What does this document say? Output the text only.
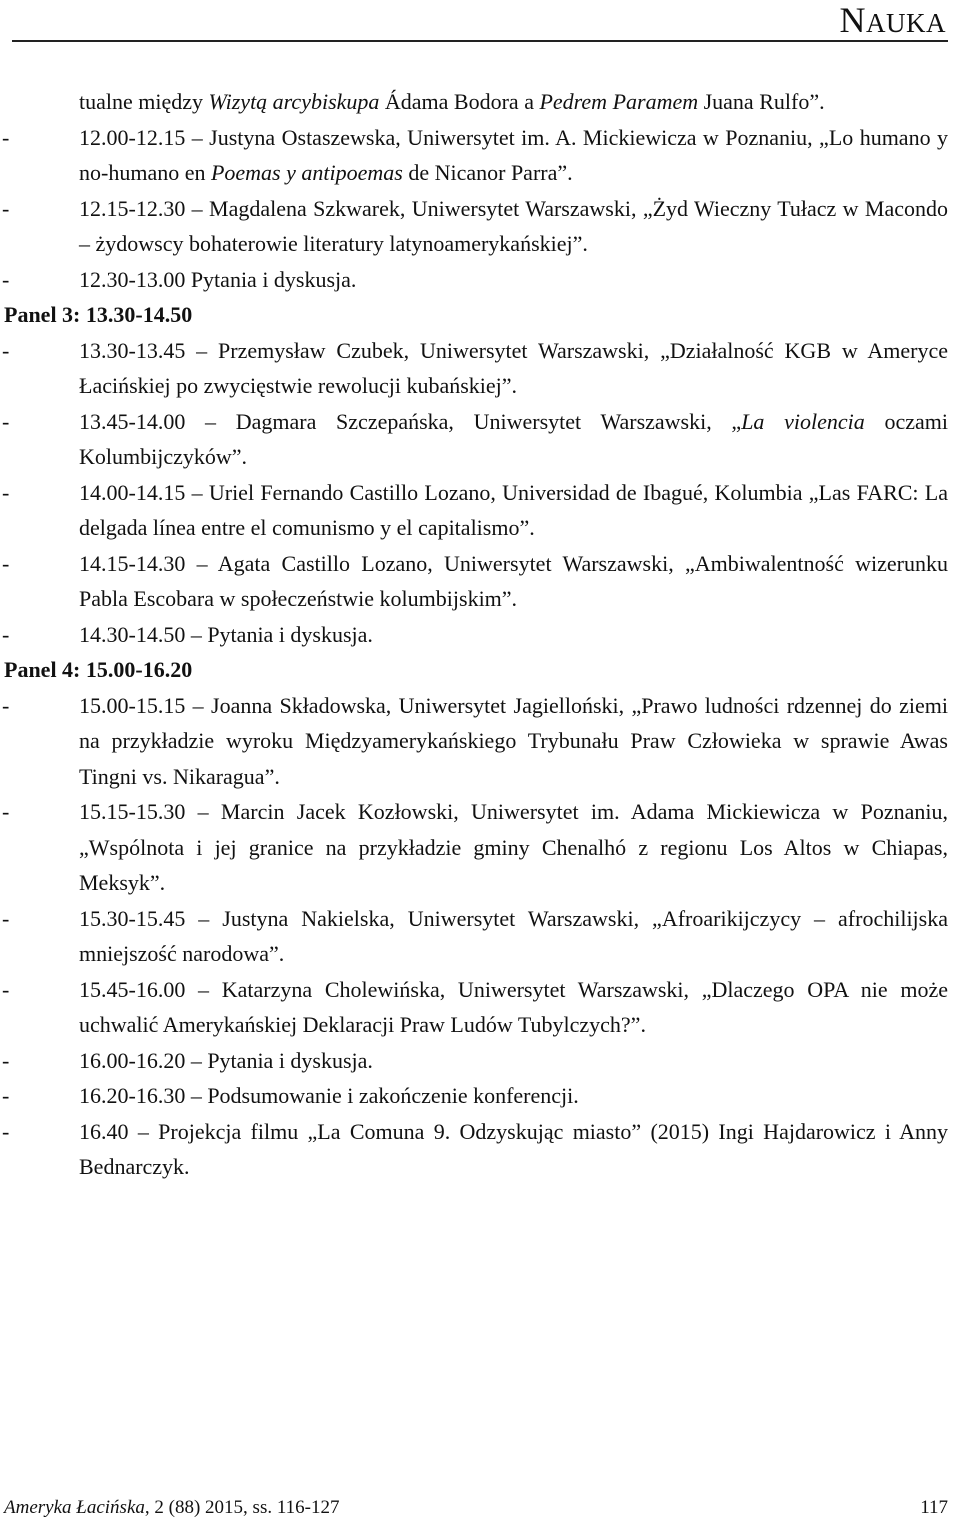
NAUKA
tualne między Wizytą arcybiskupa Ádama Bodora a Pedrem Paramem Juana Rulfo”.
-	12.00-12.15 – Justyna Ostaszewska, Uniwersytet im. A. Mickiewicza w Poznaniu, „Lo humano y no-humano en Poemas y antipoemas de Nicanor Parra”.
-	12.15-12.30 – Magdalena Szkwarek, Uniwersytet Warszawski, „Żyd Wieczny Tułacz w Macondo – żydowscy bohaterowie literatury latynoamerykańskiej”.
-	12.30-13.00 Pytania i dyskusja.
Panel 3: 13.30-14.50
-	13.30-13.45 – Przemysław Czubek, Uniwersytet Warszawski, „Działalność KGB w Ameryce Łacińskiej po zwycięstwie rewolucji kubańskiej”.
-	13.45-14.00 – Dagmara Szczepańska, Uniwersytet Warszawski, „La violencia oczami Kolumbijczyków”.
-	14.00-14.15 – Uriel Fernando Castillo Lozano, Universidad de Ibagué, Kolumbia „Las FARC: La delgada línea entre el comunismo y el capitalismo”.
-	14.15-14.30 – Agata Castillo Lozano, Uniwersytet Warszawski, „Ambiwalentność wizerunku Pabla Escobara w społeczeństwie kolumbijskim”.
-	14.30-14.50 – Pytania i dyskusja.
Panel 4: 15.00-16.20
-	15.00-15.15 – Joanna Składowska, Uniwersytet Jagielloński, „Prawo ludności rdzennej do ziemi na przykładzie wyroku Międzyamerykańskiego Trybunału Praw Człowieka w sprawie Awas Tingni vs. Nikaragua”.
-	15.15-15.30 – Marcin Jacek Kozłowski, Uniwersytet im. Adama Mickiewicza w Poznaniu, „Wspólnota i jej granice na przykładzie gminy Chenalhó z regionu Los Altos w Chiapas, Meksyk”.
-	15.30-15.45 – Justyna Nakielska, Uniwersytet Warszawski, „Afroarikijczycy – afrochilijska mniejszość narodowa”.
-	15.45-16.00 – Katarzyna Cholewińska, Uniwersytet Warszawski, „Dlaczego OPA nie może uchwalić Amerykańskiej Deklaracji Praw Ludów Tubylczych?”.
-	16.00-16.20 – Pytania i dyskusja.
-	16.20-16.30 – Podsumowanie i zakończenie konferencji.
-	16.40 – Projekcja filmu „La Comuna 9. Odzyskując miasto” (2015) Ingi Hajdarowicz i Anny Bednarczyk.
Ameryka Łacińska, 2 (88) 2015, ss. 116-127	117
